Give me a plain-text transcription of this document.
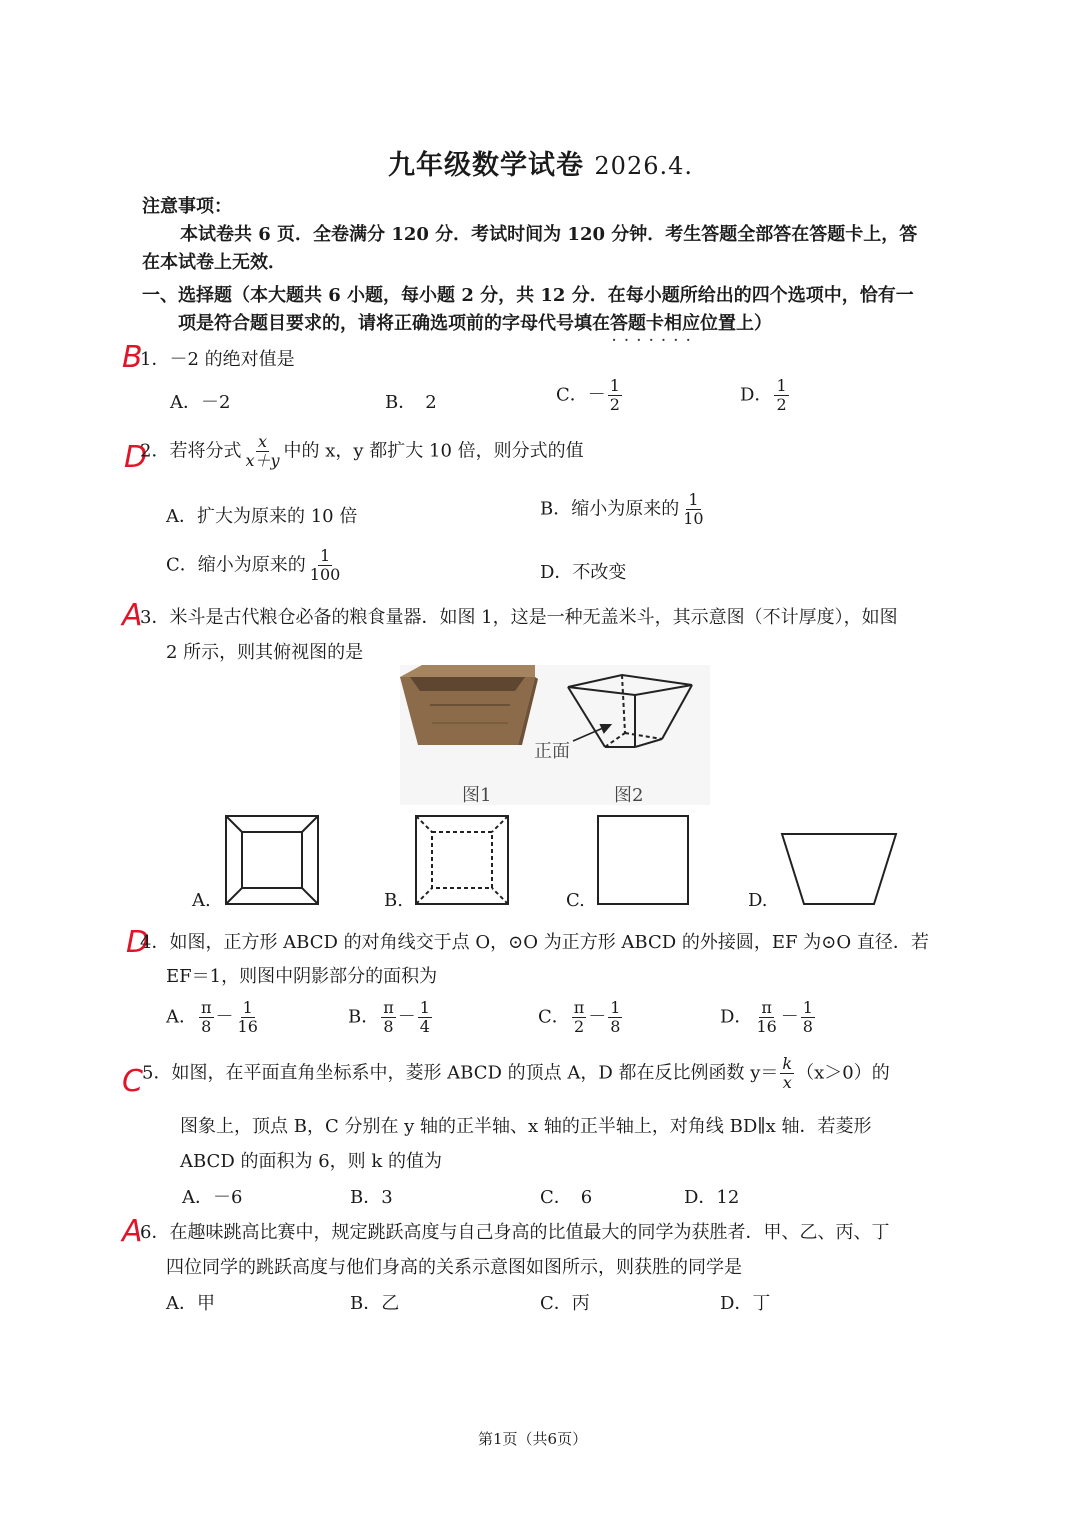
九年级数学试卷 2026.4.
注意事项：
本试卷共 6 页．全卷满分 120 分．考试时间为 120 分钟．考生答题全部答在答题卡上，答
在本试卷上无效．
一、选择题（本大题共 6 小题，每小题 2 分，共 12 分．在每小题所给出的四个选项中，恰有一
项是符合题目要求的，请将正确选项前的字母代号填在答题卡相应位置 · · ·上）
B
D
A
D
C
A
1．－2 的绝对值是
A．－2	B．　2	C．－ $\frac{1}{2}$	D． $\frac{1}{2}$
2．若将分式 $\frac{x}{x+y}$ 中的 x，y 都扩大 10 倍，则分式的值
A．扩大为原来的 10 倍	B．缩小为原来的 $\frac{1}{10}$
C．缩小为原来的 $\frac{1}{100}$	D．不改变
3．米斗是古代粮仓必备的粮食量器．如图 1，这是一种无盖米斗，其示意图（不计厚度），如图
2 所示，则其俯视图的是
正面
图1	图2
A.	B.	C.	D.
4．如图，正方形 ABCD 的对角线交于点 O，⊙O 为正方形 ABCD 的外接圆，EF 为⊙O 直径．若
EF＝1，则图中阴影部分的面积为
A． $\frac{\pi}{8} - \frac{1}{16}$	B． $\frac{\pi}{8} - \frac{1}{4}$	C． $\frac{\pi}{2} - \frac{1}{8}$	D． $\frac{\pi}{16} - \frac{1}{8}$
5．如图，在平面直角坐标系中，菱形 ABCD 的顶点 A，D 都在反比例函数 $y= \frac{k}{x} (x>0)$的
图象上，顶点 B，C 分别在 y 轴的正半轴、x 轴的正半轴上，对角线 BD∥x 轴．若菱形
ABCD 的面积为 6，则 k 的值为
A．－6	B．3	C．　6	D．12
6．在趣味跳高比赛中，规定跳跃高度与自己身高的比值最大的同学为获胜者．甲、乙、丙、丁
四位同学的跳跃高度与他们身高的关系示意图如图所示，则获胜的同学是
A．甲	B．乙	C．丙	D．丁
第1页（共6页）
